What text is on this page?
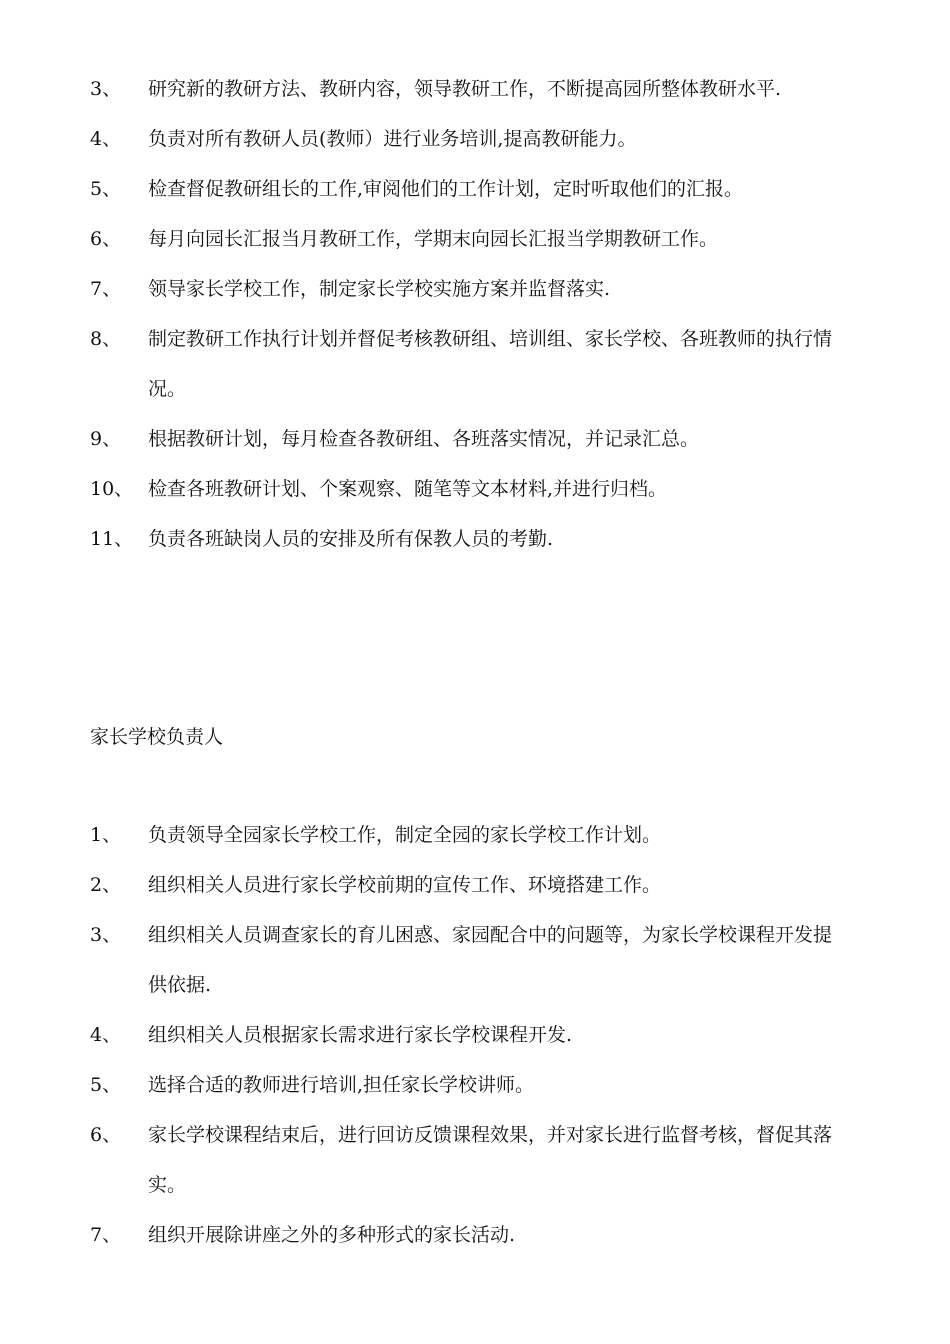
3、 研究新的教研方法、教研内容，领导教研工作，不断提高园所整体教研水平.
4、 负责对所有教研人员(教师）进行业务培训,提高教研能力。
5、 检查督促教研组长的工作,审阅他们的工作计划，定时听取他们的汇报。
6、 每月向园长汇报当月教研工作，学期末向园长汇报当学期教研工作。
7、 领导家长学校工作，制定家长学校实施方案并监督落实.
8、 制定教研工作执行计划并督促考核教研组、培训组、家长学校、各班教师的执行情况。
9、 根据教研计划，每月检查各教研组、各班落实情况，并记录汇总。
10、 检查各班教研计划、个案观察、随笔等文本材料,并进行归档。
11、 负责各班缺岗人员的安排及所有保教人员的考勤.
家长学校负责人
1、 负责领导全园家长学校工作，制定全园的家长学校工作计划。
2、 组织相关人员进行家长学校前期的宣传工作、环境搭建工作。
3、 组织相关人员调查家长的育儿困惑、家园配合中的问题等，为家长学校课程开发提供依据.
4、 组织相关人员根据家长需求进行家长学校课程开发.
5、 选择合适的教师进行培训,担任家长学校讲师。
6、 家长学校课程结束后，进行回访反馈课程效果，并对家长进行监督考核，督促其落实。
7、 组织开展除讲座之外的多种形式的家长活动.
